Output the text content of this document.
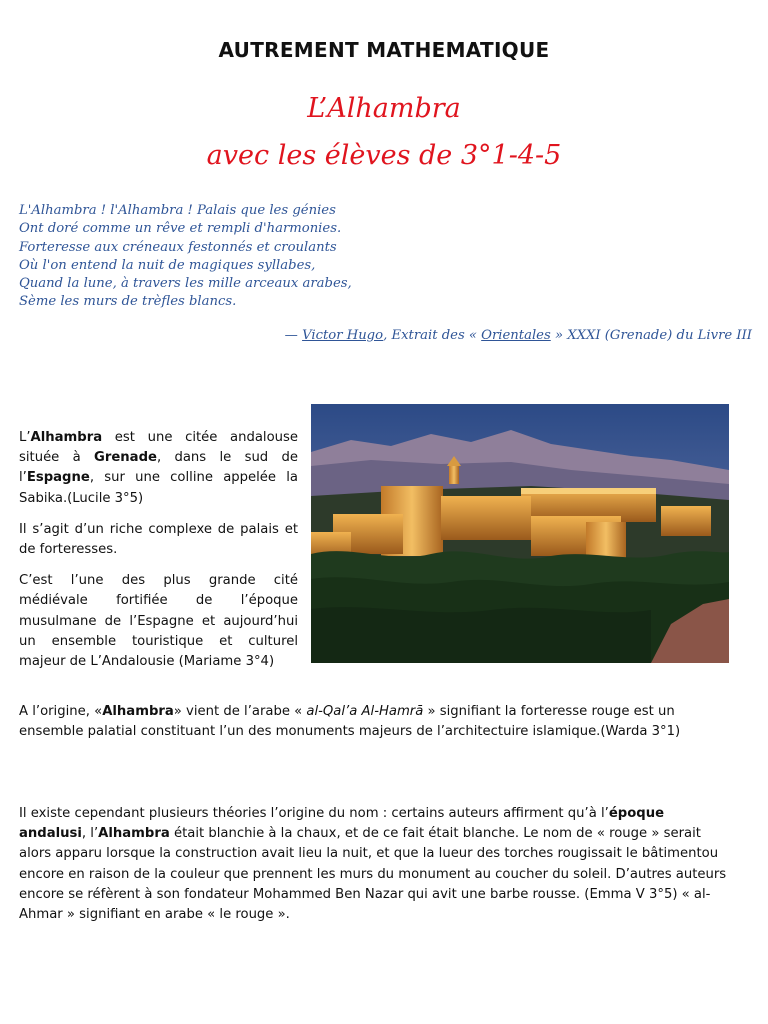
AUTREMENT MATHEMATIQUE
L’Alhambra
avec les élèves de 3°1-4-5
L'Alhambra ! l'Alhambra ! Palais que les génies
Ont doré comme un rêve et rempli d'harmonies.
Forteresse aux créneaux festonnés et croulants
Où l'on entend la nuit de magiques syllabes,
Quand la lune, à travers les mille arceaux arabes,
Sème les murs de trèfles blancs.
— Victor Hugo, Extrait des « Orientales » XXXI (Grenade) du Livre III

L’Alhambra est une citée andalouse située à Grenade, dans le sud de l’Espagne, sur une colline appelée la Sabika.(Lucile 3°5)

Il s’agit d’un riche complexe de palais et de forteresses.

C’est l’une des plus grande cité médiévale fortifiée de l’époque musulmane de l’Espagne et aujourd’hui un ensemble touristique et culturel majeur de L’Andalousie (Mariame 3°4)

A l’origine, «Alhambra» vient de l’arabe « al-Qal’a Al-Hamrā » signifiant la forteresse rouge est un ensemble palatial constituant l’un des monuments majeurs de l’architectuire islamique.(Warda 3°1)
Il existe cependant plusieurs théories l’origine du nom : certains auteurs affirment qu’à l’époque andalusi, l’Alhambra était blanchie à la chaux, et de ce fait était blanche. Le nom de « rouge » serait alors apparu lorsque la construction avait lieu la nuit, et que la lueur des torches rougissait le bâtimentou encore en raison de la couleur que prennent les murs du monument au coucher du soleil. D’autres auteurs encore se réfèrent à son fondateur Mohammed Ben Nazar qui avit une barbe rousse. (Emma V 3°5) « al-Ahmar » signifiant en arabe « le rouge ».
